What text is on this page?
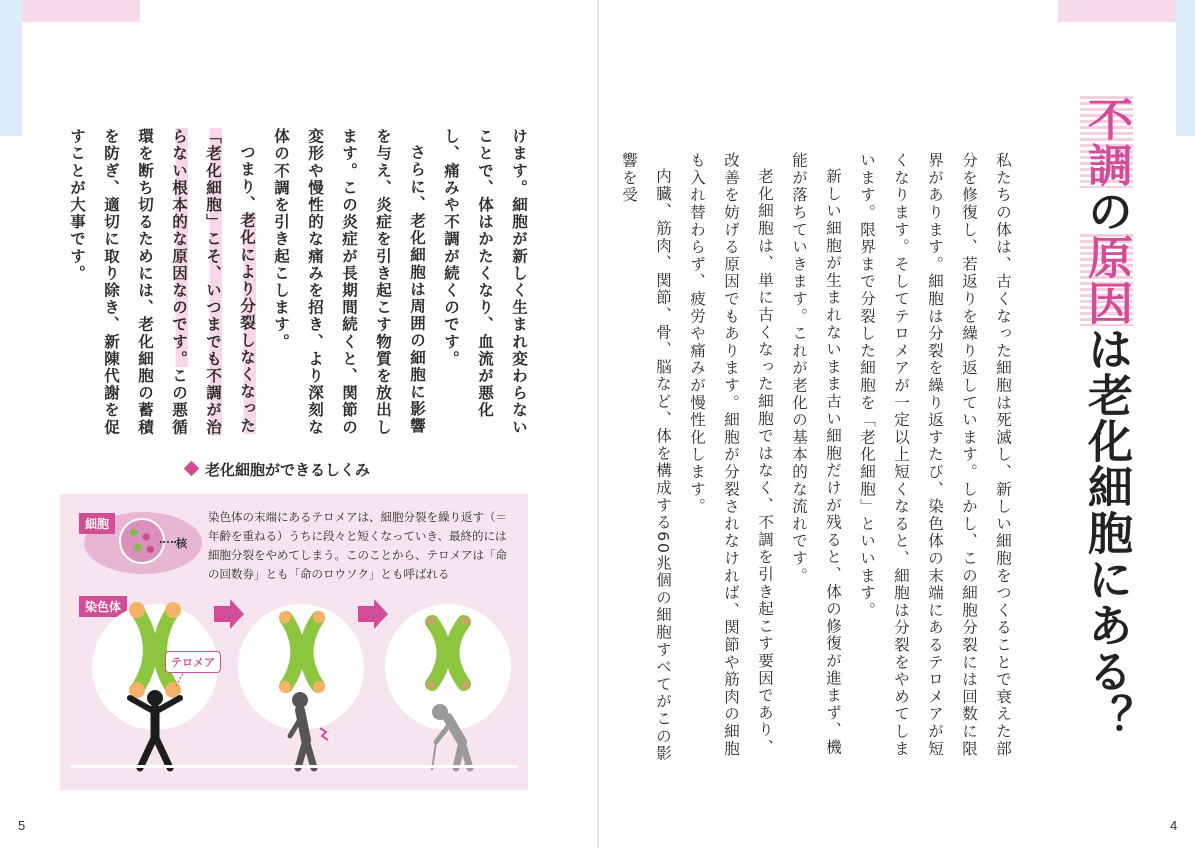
不調の原因は老化細胞にある？

私たちの体は、古くなった細胞は死滅し、新しい細胞をつくることで衰えた部分を修復し、若返りを繰り返しています。しかし、この細胞分裂には回数に限界があります。細胞は分裂を繰り返すたび、染色体の末端にあるテロメアが短くなります。そしてテロメアが一定以上短くなると、細胞は分裂をやめてしまいます。限界まで分裂した細胞を「老化細胞」といいます。

新しい細胞が生まれないまま古い細胞だけが残ると、体の修復が進まず、機能が落ちていきます。これが老化の基本的な流れです。

老化細胞は、単に古くなった細胞ではなく、不調を引き起こす要因であり、改善を妨げる原因でもあります。細胞が分裂されなければ、関節や筋肉の細胞も入れ替わらず、疲労や痛みが慢性化します。

内臓、筋肉、関節、骨、脳など、体を構成する60兆個の細胞すべてがこの影響を受

けます。細胞が新しく生まれ変わらないことで、体はかたくなり、血流が悪化し、痛みや不調が続くのです。

さらに、老化細胞は周囲の細胞に影響を与え、炎症を引き起こす物質を放出します。この炎症が長期間続くと、関節の変形や慢性的な痛みを招き、より深刻な体の不調を引き起こします。

つまり、老化により分裂しなくなった「老化細胞」こそ、いつまでも不調が治らない根本的な原因なのです。この悪循環を断ち切るためには、老化細胞の蓄積を防ぎ、適切に取り除き、新陳代謝を促すことが大事です。

老化細胞ができるしくみ
細胞
核
染色体の末端にあるテロメアは、細胞分裂を繰り返す（＝年齢を重ねる）うちに段々と短くなっていき、最終的には細胞分裂をやめてしまう。このことから、テロメアは「命の回数券」とも「命のロウソク」とも呼ばれる
染色体
テロメア
5	4
